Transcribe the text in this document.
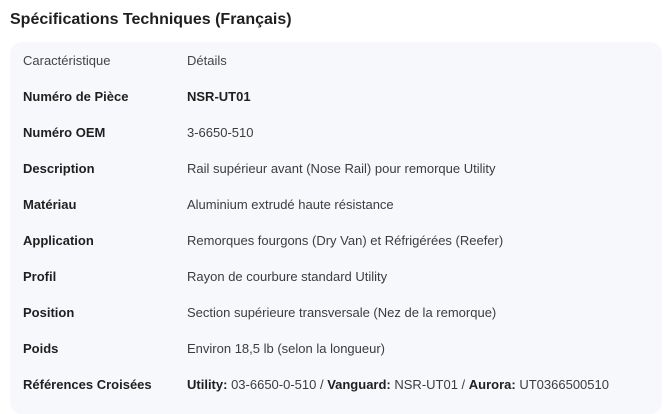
Spécifications Techniques (Français)
Caractéristique	Détails
Numéro de Pièce	NSR-UT01
Numéro OEM	3-6650-510
Description	Rail supérieur avant (Nose Rail) pour remorque Utility
Matériau	Aluminium extrudé haute résistance
Application	Remorques fourgons (Dry Van) et Réfrigérées (Reefer)
Profil	Rayon de courbure standard Utility
Position	Section supérieure transversale (Nez de la remorque)
Poids	Environ 18,5 lb (selon la longueur)
Références Croisées	Utility: 03-6650-0-510 / Vanguard: NSR-UT01 / Aurora: UT0366500510
